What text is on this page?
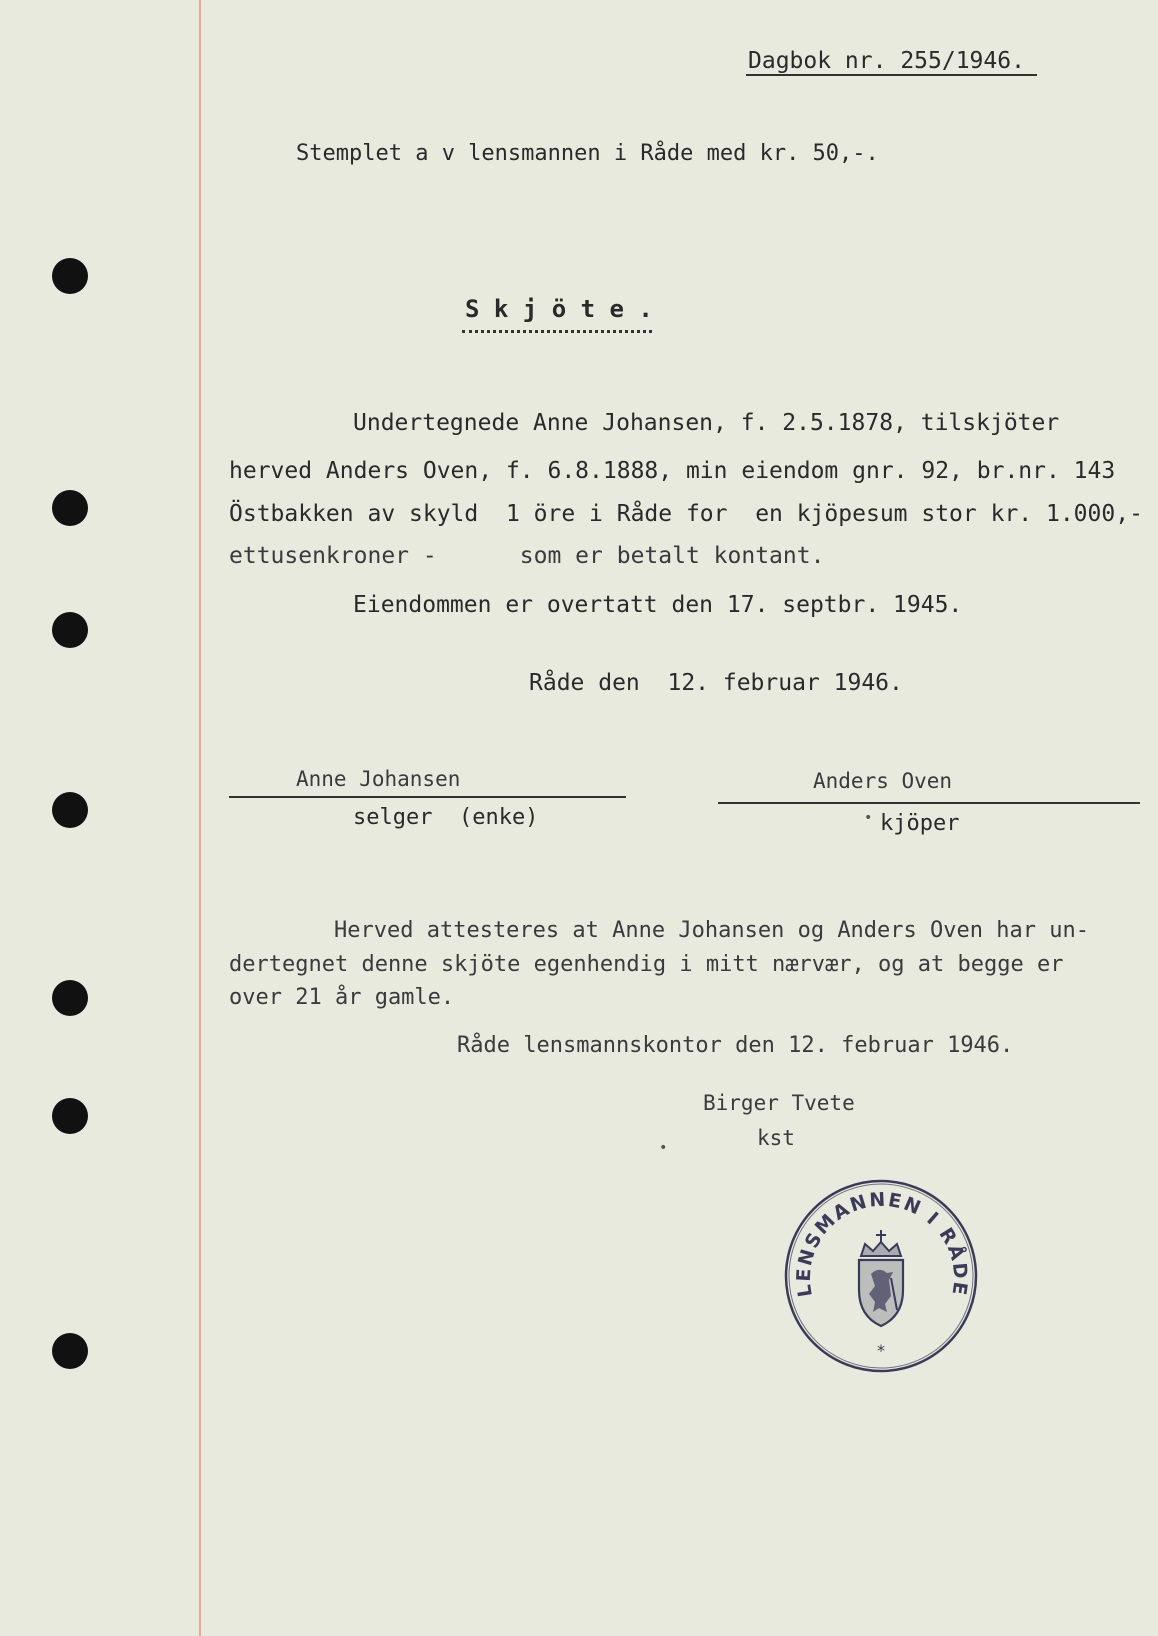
Dagbok nr. 255/1946.
Stemplet a v lensmannen i Råde med kr. 50,-.
S k j ö t e .
Undertegnede Anne Johansen, f. 2.5.1878, tilskjöter
herved Anders Oven, f. 6.8.1888, min eiendom gnr. 92, br.nr. 143
Östbakken av skyld  1 öre i Råde for  en kjöpesum stor kr. 1.000,-
ettusenkroner -      som er betalt kontant.
Eiendommen er overtatt den 17. septbr. 1945.
Råde den  12. februar 1946.
Anne Johansen
selger  (enke)
Anders Oven
kjöper
Herved attesteres at Anne Johansen og Anders Oven har un-
dertegnet denne skjöte egenhendig i mitt nærvær, og at begge er
over 21 år gamle.
Råde lensmannskontor den 12. februar 1946.
Birger Tvete
kst
•
•
LENSMANNEN I RÅDE
*
